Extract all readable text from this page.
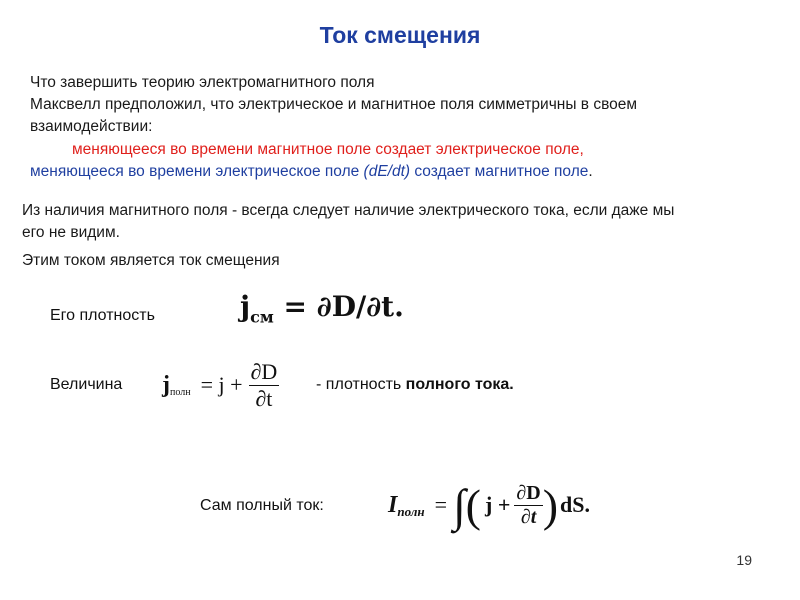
Ток смещения
Что завершить теорию электромагнитного поля
Максвелл предположил, что электрическое и магнитное поля симметричны в своем
взаимодействии:
меняющееся во времени магнитное поле создает электрическое поле,
меняющееся во времени электрическое поле (dE/dt) создает магнитное поле.
Из наличия магнитного поля - всегда следует наличие электрического тока, если даже мы
его не видим.
Этим током является ток смещения
Его плотность	$j_{см} = \partial D/\partial t$.
Величина j полн = $j + \frac{\partial D}{\partial t}$ - плотность полного тока.
Сам полный ток:	I полн = ∫ ( $j + \frac{\partial D}{\partial t}$ ) dS.
19
